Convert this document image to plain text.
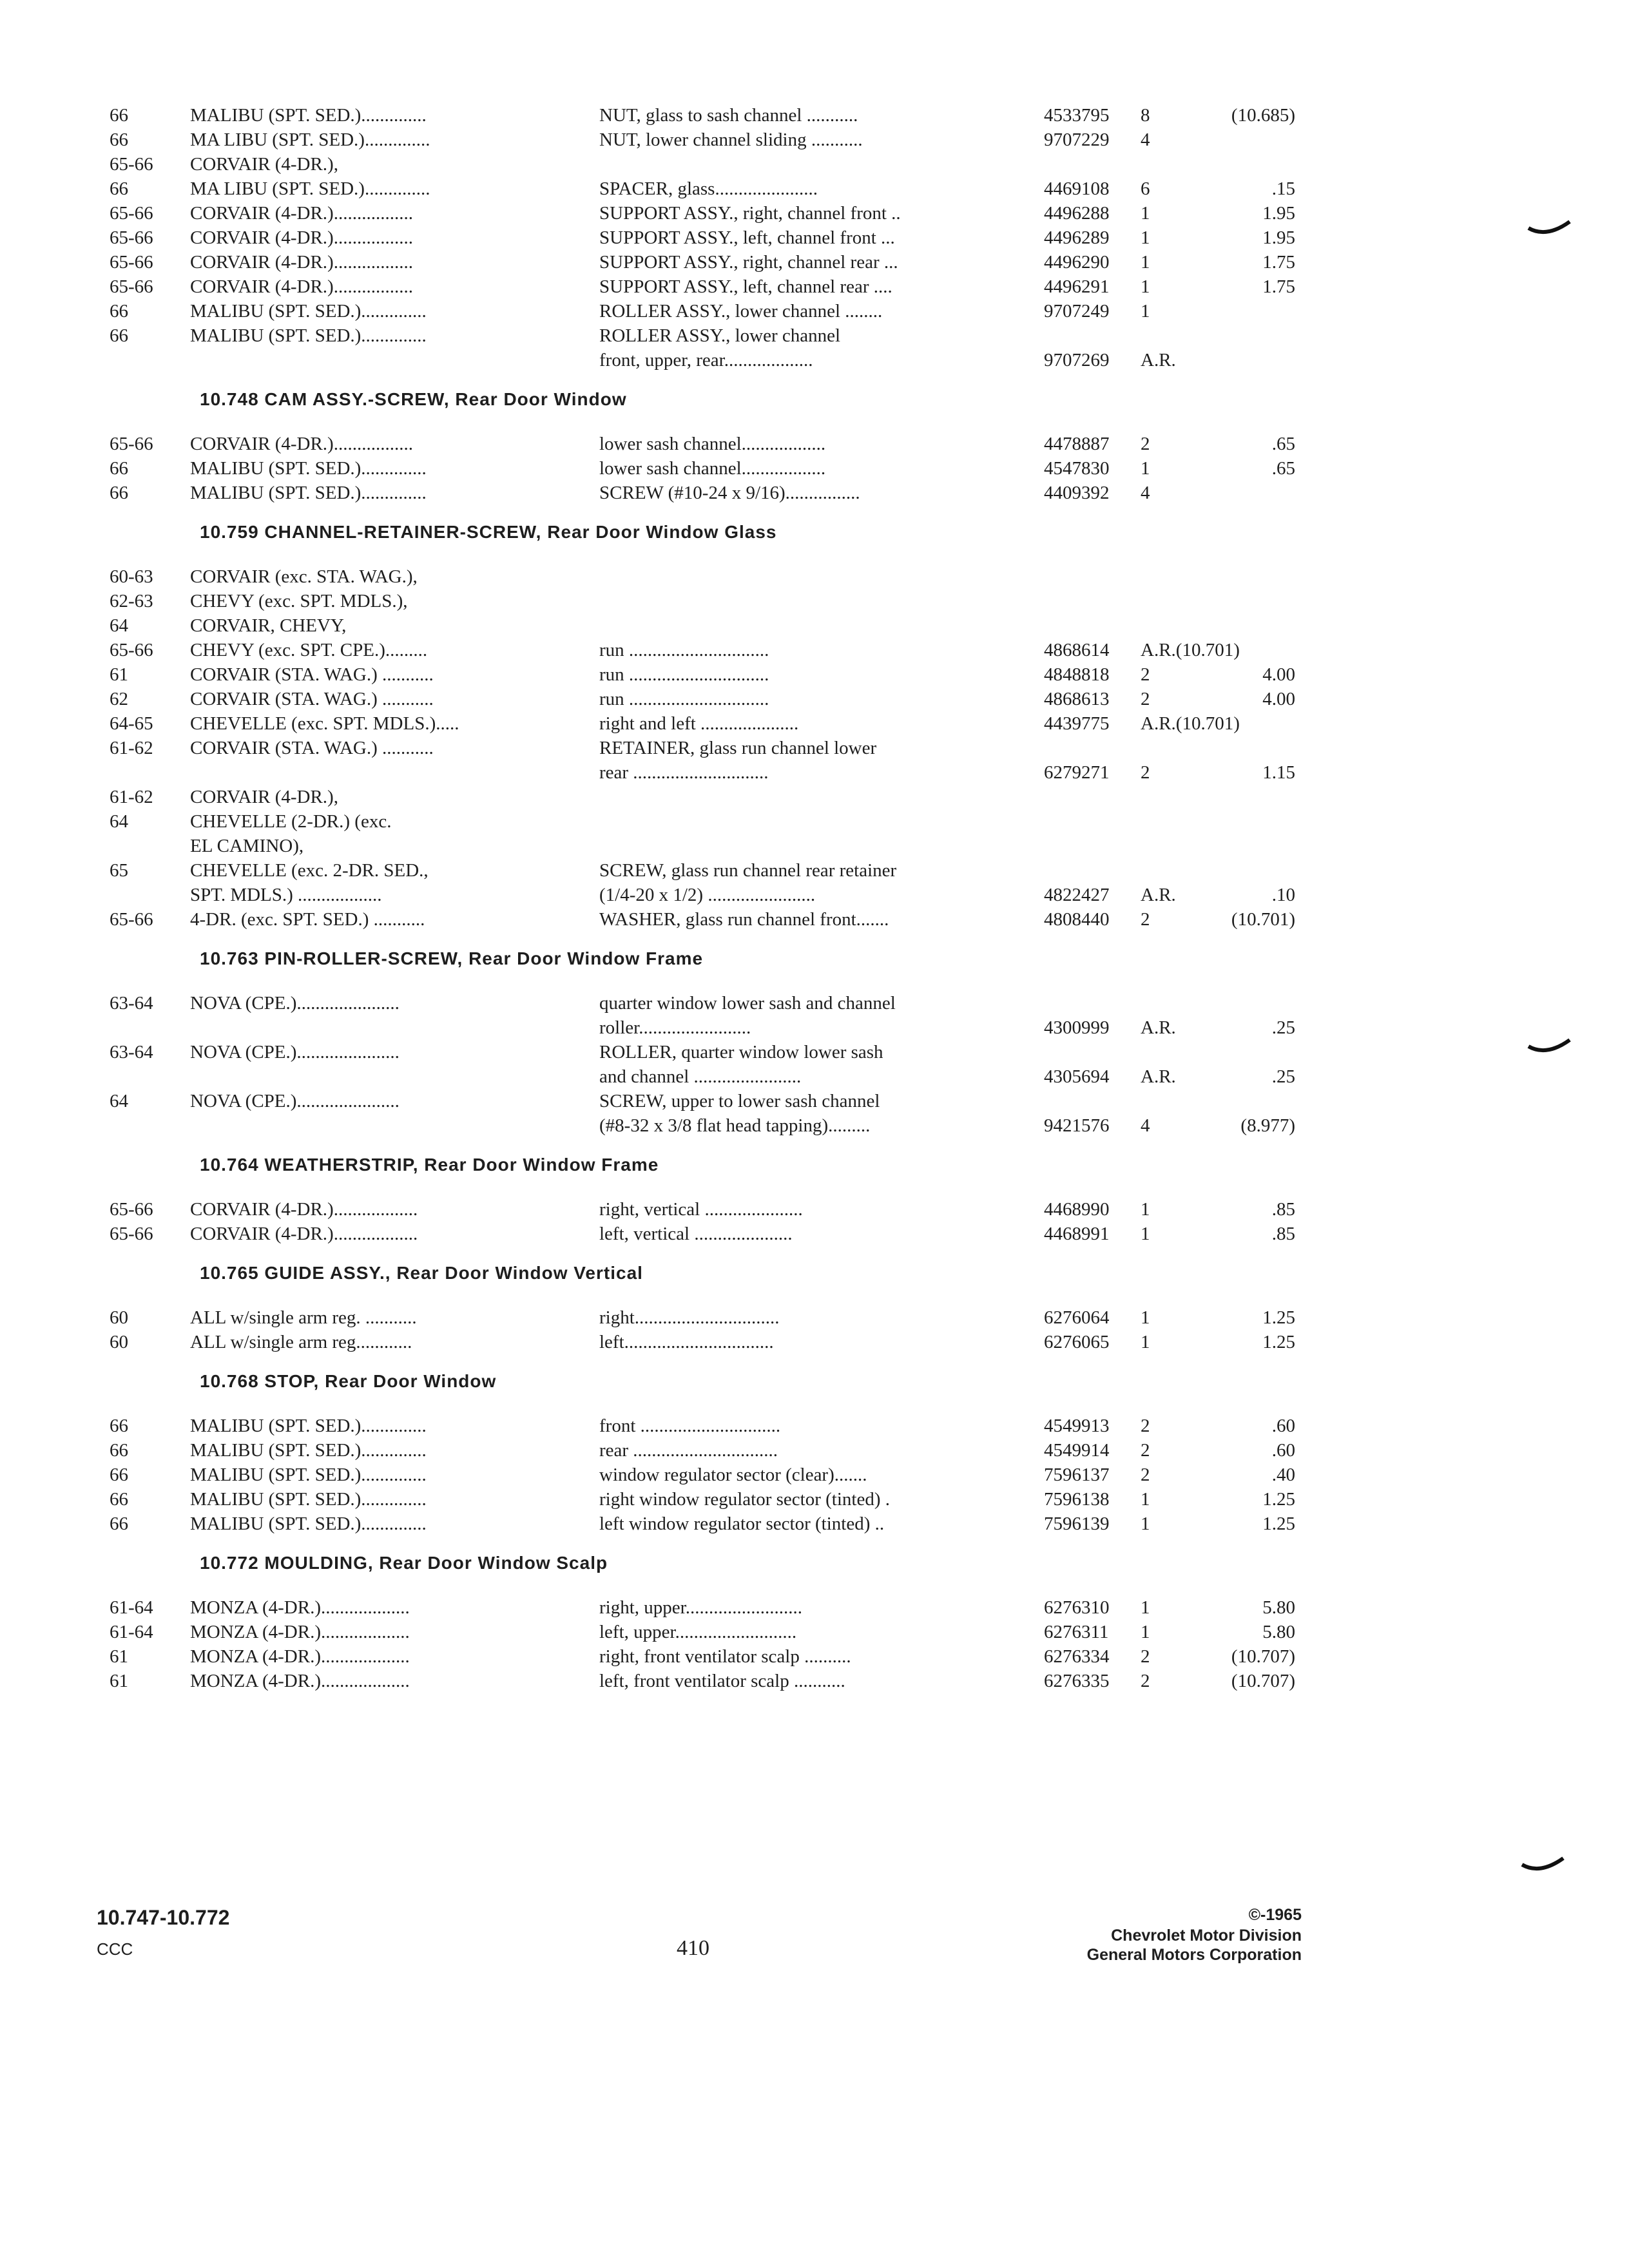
66	MALIBU (SPT. SED.)..............	NUT, glass to sash channel ...........	4533795	8	(10.685)
66	MA LIBU (SPT. SED.)..............	NUT, lower channel sliding ...........	9707229	4
65-66	CORVAIR (4-DR.),
66	MA LIBU (SPT. SED.)..............	SPACER, glass......................	4469108	6	.15
65-66	CORVAIR (4-DR.).................	SUPPORT ASSY., right, channel front ..	4496288	1	1.95
65-66	CORVAIR (4-DR.).................	SUPPORT ASSY., left, channel front ...	4496289	1	1.95
65-66	CORVAIR (4-DR.).................	SUPPORT ASSY., right, channel rear ...	4496290	1	1.75
65-66	CORVAIR (4-DR.).................	SUPPORT ASSY., left, channel rear ....	4496291	1	1.75
66	MALIBU (SPT. SED.)..............	ROLLER ASSY., lower channel ........	9707249	1
66	MALIBU (SPT. SED.)..............	ROLLER ASSY., lower channel
front, upper, rear...................	9707269	A.R.
10.748 CAM ASSY.-SCREW, Rear Door Window
65-66	CORVAIR (4-DR.).................	lower sash channel..................	4478887	2	.65
66	MALIBU (SPT. SED.)..............	lower sash channel..................	4547830	1	.65
66	MALIBU (SPT. SED.)..............	SCREW (#10-24 x 9/16)................	4409392	4
10.759 CHANNEL-RETAINER-SCREW, Rear Door Window Glass
60-63	CORVAIR (exc. STA. WAG.),
62-63	CHEVY (exc. SPT. MDLS.),
64	CORVAIR, CHEVY,
65-66	CHEVY (exc. SPT. CPE.).........	run ..............................	4868614	A.R.(10.701)
61	CORVAIR (STA. WAG.) ...........	run ..............................	4848818	2	4.00
62	CORVAIR (STA. WAG.) ...........	run ..............................	4868613	2	4.00
64-65	CHEVELLE (exc. SPT. MDLS.).....	right and left .....................	4439775	A.R.(10.701)
61-62	CORVAIR (STA. WAG.) ...........	RETAINER, glass run channel lower
rear .............................	6279271	2	1.15
61-62	CORVAIR (4-DR.),
64	CHEVELLE (2-DR.) (exc.
EL CAMINO),
65	CHEVELLE (exc. 2-DR. SED.,	SCREW, glass run channel rear retainer
SPT. MDLS.) ..................	(1/4-20 x 1/2) .......................	4822427	A.R.	.10
65-66	4-DR. (exc. SPT. SED.) ...........	WASHER, glass run channel front.......	4808440	2	(10.701)
10.763 PIN-ROLLER-SCREW, Rear Door Window Frame
63-64	NOVA (CPE.)......................	quarter window lower sash and channel
roller........................	4300999	A.R.	.25
63-64	NOVA (CPE.)......................	ROLLER, quarter window lower sash
and channel .......................	4305694	A.R.	.25
64	NOVA (CPE.)......................	SCREW, upper to lower sash channel
(#8-32 x 3/8 flat head tapping).........	9421576	4	(8.977)
10.764 WEATHERSTRIP, Rear Door Window Frame
65-66	CORVAIR (4-DR.)..................	right, vertical .....................	4468990	1	.85
65-66	CORVAIR (4-DR.)..................	left, vertical .....................	4468991	1	.85
10.765 GUIDE ASSY., Rear Door Window Vertical
60	ALL w/single arm reg. ...........	right...............................	6276064	1	1.25
60	ALL w/single arm reg............	left................................	6276065	1	1.25
10.768 STOP, Rear Door Window
66	MALIBU (SPT. SED.)..............	front ..............................	4549913	2	.60
66	MALIBU (SPT. SED.)..............	rear ...............................	4549914	2	.60
66	MALIBU (SPT. SED.)..............	window regulator sector (clear).......	7596137	2	.40
66	MALIBU (SPT. SED.)..............	right window regulator sector (tinted) .	7596138	1	1.25
66	MALIBU (SPT. SED.)..............	left window regulator sector (tinted) ..	7596139	1	1.25
10.772 MOULDING, Rear Door Window Scalp
61-64	MONZA (4-DR.)...................	right, upper.........................	6276310	1	5.80
61-64	MONZA (4-DR.)...................	left, upper..........................	6276311	1	5.80
61	MONZA (4-DR.)...................	right, front ventilator scalp ..........	6276334	2	(10.707)
61	MONZA (4-DR.)...................	left, front ventilator scalp ...........	6276335	2	(10.707)
10.747-10.772
CCC	410
©-1965
Chevrolet Motor Division
General Motors Corporation
